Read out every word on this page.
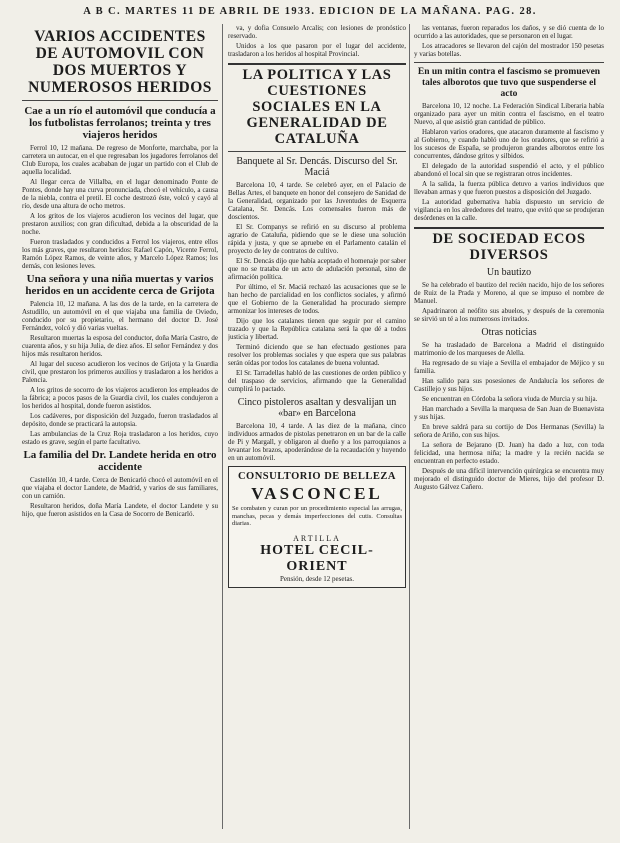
A B C. MARTES 11 DE ABRIL DE 1933. EDICION DE LA MAÑANA. PAG. 28.
VARIOS ACCIDENTES DE AUTOMOVIL CON DOS MUERTOS Y NUMEROSOS HERIDOS
Cae a un río el automóvil que conducía a los futbolistas ferrolanos; treinta y tres viajeros heridos

Ferrol 10, 12 mañana. De regreso de Monforte, marchaba, por la carretera un autocar, en el que regresaban los jugadores ferrolanos del Club Europa, los cuales acababan de jugar un partido con el Club de aquella localidad.

Al llegar cerca de Villalba, en el lugar denominado Ponte de Pontes, donde hay una curva pronunciada, chocó el vehículo, a causa de la niebla, contra el pretil. El coche destrozó éste, volcó y cayó al río, desde una altura de ocho metros.

A los gritos de los viajeros acudieron los vecinos del lugar, que prestaron auxilios; con gran dificultad, debida a la obscuridad de la noche.

Fueron trasladados y conducidos a Ferrol los viajeros, entre ellos los más graves, que resultaron heridos: Rafael Capón, Vicente Ferrol, Ramón López Ramos, de veinte años, y Marcelo López Ramos; los demás, con lesiones leves.

Una señora y una niña muertas y varios heridos en un accidente cerca de Grijota

Palencia 10, 12 mañana. A las dos de la tarde, en la carretera de Astudillo, un automóvil en el que viajaba una familia de Oviedo, conducido por su propietario, el hermano del doctor D. José Fernández, volcó y dió varias vueltas.

Resultaron muertas la esposa del conductor, doña María Castro, de cuarenta años, y su hija Julia, de diez años. El señor Fernández y dos hijos más resultaron heridos.

Al lugar del suceso acudieron los vecinos de Grijota y la Guardia civil, que prestaron los primeros auxilios y trasladaron a los heridos a Palencia.

A los gritos de socorro de los viajeros acudieron los empleados de la fábrica; a pocos pasos de la Guardia civil, los cuales condujeron a los heridos al hospital, donde fueron asistidos.

Los cadáveres, por disposición del Juzgado, fueron trasladados al depósito, donde se practicará la autopsia.

Las ambulancias de la Cruz Roja trasladaron a los heridos, cuyo estado es grave, según el parte facultativo.

La familia del Dr. Landete herida en otro accidente

Castellón 10, 4 tarde. Cerca de Benicarló chocó el automóvil en el que viajaba el doctor Landete, de Madrid, y varios de sus familiares, con un camión.

Resultaron heridos, doña María Landete, el doctor Landete y su hijo, que fueron asistidos en la Casa de Socorro de Benicarló.

va, y dofia Consuelo Arcalis; con lesiones de pronóstico reservado.

Unidos a los que pasaron por el lugar del accidente, trasladaron a los heridos al hospital Provincial.

LA POLITICA Y LAS CUESTIONES SOCIALES EN LA GENERALIDAD DE CATALUÑA
Banquete al Sr. Dencás. Discurso del Sr. Maciá

Barcelona 10, 4 tarde. Se celebró ayer, en el Palacio de Bellas Artes, el banquete en honor del consejero de Sanidad de la Generalidad, organizado por las Juventudes de Esquerra Catalana, Sr. Dencás. Los comensales fueron más de doscientos.

El Sr. Companys se refirió en su discurso al problema agrario de Cataluña, pidiendo que se le diese una solución rápida y justa, y que se apruebe en el Parlamento catalán el proyecto de ley de contratos de cultivo.

El Sr. Dencás dijo que había aceptado el homenaje por saber que no se trataba de un acto de adulación personal, sino de afirmación política.

Por último, el Sr. Maciá rechazó las acusaciones que se le han hecho de parcialidad en los conflictos sociales, y afirmó que el Gobierno de la Generalidad ha procurado siempre armonizar los intereses de todos.

Dijo que los catalanes tienen que seguir por el camino trazado y que la República catalana será la que dé a todos justicia y libertad.

Terminó diciendo que se han efectuado gestiones para resolver los problemas sociales y que espera que sus palabras serán oídas por todos los catalanes de buena voluntad.

El Sr. Tarradellas habló de las cuestiones de orden público y del traspaso de servicios, afirmando que la Generalidad cumplirá lo pactado.

Cinco pistoleros asaltan y desvalijan un «bar» en Barcelona

Barcelona 10, 4 tarde. A las diez de la mañana, cinco individuos armados de pistolas penetraron en un bar de la calle de Pi y Margall, y obligaron al dueño y a los parroquianos a levantar los brazos, apoderándose de la recaudación y huyendo en un automóvil.

CONSULTORIO DE BELLEZA
VASCONCEL
Se combaten y curan por un procedimiento especial las arrugas, manchas, pecas y demás imperfecciones del cutis. Consultas diarias.
ARTILLA
HOTEL CECIL-ORIENT
Pensión, desde 12 pesetas.

las ventanas, fueron reparados los daños, y se dió cuenta de lo ocurrido a las autoridades, que se personaron en el lugar.

Los atracadores se llevaron del cajón del mostrador 150 pesetas y varias botellas.

En un mitin contra el fascismo se promueven tales alborotos que tuvo que suspenderse el acto

Barcelona 10, 12 noche. La Federación Sindical Liberaria había organizado para ayer un mitin contra el fascismo, en el teatro Nuevo, al que asistió gran cantidad de público.

Hablaron varios oradores, que atacaron duramente al fascismo y al Gobierno, y cuando habló uno de los oradores, que se refirió a los sucesos de España, se produjeron grandes alborotos entre los concurrentes, dándose gritos y silbidos.

El delegado de la autoridad suspendió el acto, y el público abandonó el local sin que se registraran otros incidentes.

A la salida, la fuerza pública detuvo a varios individuos que llevaban armas y que fueron puestos a disposición del Juzgado.

La autoridad gubernativa había dispuesto un servicio de vigilancia en los alrededores del teatro, que evitó que se produjeran desórdenes en la calle.

DE SOCIEDAD ECOS DIVERSOS
Un bautizo

Se ha celebrado el bautizo del recién nacido, hijo de los señores de Ruiz de la Prada y Moreno, al que se impuso el nombre de Manuel.

Apadrinaron al neófito sus abuelos, y después de la ceremonia se sirvió un té a los numerosos invitados.

Otras noticias

Se ha trasladado de Barcelona a Madrid el distinguido matrimonio de los marqueses de Alella.

Ha regresado de su viaje a Sevilla el embajador de Méjico y su familia.

Han salido para sus posesiones de Andalucía los señores de Castillejo y sus hijos.

Se encuentran en Córdoba la señora viuda de Murcia y su hija.

Han marchado a Sevilla la marquesa de San Juan de Buenavista y sus hijas.

En breve saldrá para su cortijo de Dos Hermanas (Sevilla) la señora de Ariño, con sus hijos.

La señora de Bejarano (D. Juan) ha dado a luz, con toda felicidad, una hermosa niña; la madre y la recién nacida se encuentran en perfecto estado.

Después de una difícil intervención quirúrgica se encuentra muy mejorado el distinguido doctor de Mieres, hijo del profesor D. Augusto Gálvez Cañero.
